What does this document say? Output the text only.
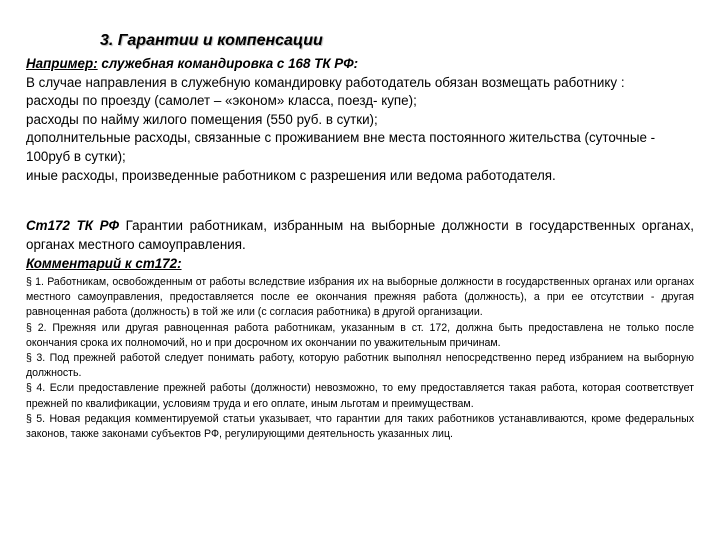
3. Гарантии и компенсации

Например: служебная командировка с 168 ТК РФ:

В случае направления в служебную командировку работодатель обязан возмещать работнику :

расходы по проезду (самолет – «эконом» класса, поезд- купе);

расходы по найму жилого помещения (550 руб. в сутки);

дополнительные расходы, связанные с проживанием вне места постоянного жительства (суточные - 100руб в сутки);

иные расходы, произведенные работником с разрешения или ведома работодателя.

Ст172 ТК РФ Гарантии работникам, избранным на выборные должности в государственных органах, органах местного самоуправления.

Комментарий к ст172:
§ 1. Работникам, освобожденным от работы вследствие избрания их на выборные должности в государственных органах или органах местного самоуправления, предоставляется после ее окончания прежняя работа (должность), а при ее отсутствии - другая равноценная работа (должность) в той же или (с согласия работника) в другой организации.
§ 2. Прежняя или другая равноценная работа работникам, указанным в ст. 172, должна быть предоставлена не только после окончания срока их полномочий, но и при досрочном их окончании по уважительным причинам.
§ 3. Под прежней работой следует понимать работу, которую работник выполнял непосредственно перед избранием на выборную должность.
§ 4. Если предоставление прежней работы (должности) невозможно, то ему предоставляется такая работа, которая соответствует прежней по квалификации, условиям труда и его оплате, иным льготам и преимуществам.
§ 5. Новая редакция комментируемой статьи указывает, что гарантии для таких работников устанавливаются, кроме федеральных законов, также законами субъектов РФ, регулирующими деятельность указанных лиц.
